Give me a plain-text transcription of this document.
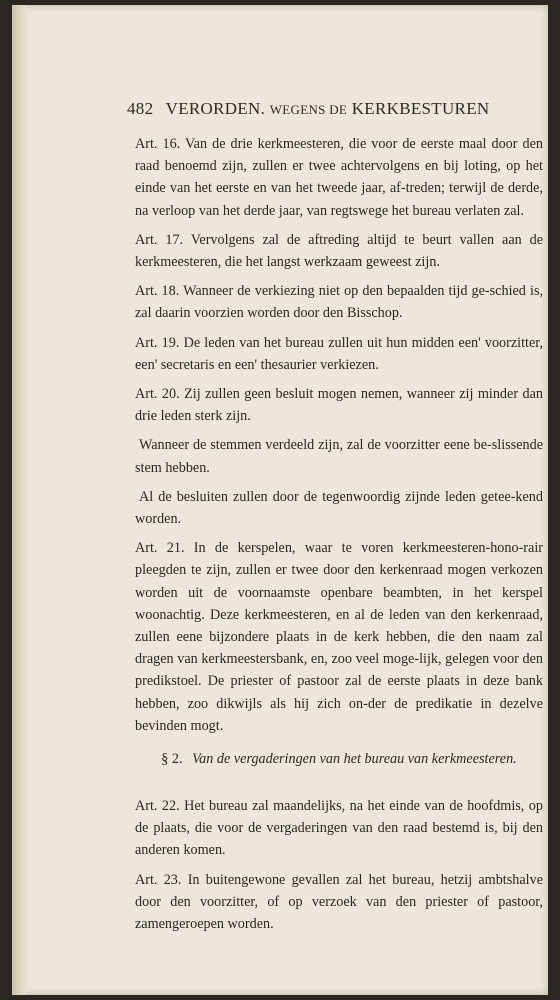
482 VERORDEN. WEGENS DE KERKBESTUREN

Art. 16. Van de drie kerkmeesteren, die voor de eerste maal door den raad benoemd zijn, zullen er twee achtervolgens en bij loting, op het einde van het eerste en van het tweede jaar, af-treden; terwijl de derde, na verloop van het derde jaar, van regtswege het bureau verlaten zal.

Art. 17. Vervolgens zal de aftreding altijd te beurt vallen aan de kerkmeesteren, die het langst werkzaam geweest zijn.

Art. 18. Wanneer de verkiezing niet op den bepaalden tijd ge-schied is, zal daarin voorzien worden door den Bisschop.

Art. 19. De leden van het bureau zullen uit hun midden een' voorzitter, een' secretaris en een' thesaurier verkiezen.

Art. 20. Zij zullen geen besluit mogen nemen, wanneer zij minder dan drie leden sterk zijn.

Wanneer de stemmen verdeeld zijn, zal de voorzitter eene be-slissende stem hebben.

Al de besluiten zullen door de tegenwoordig zijnde leden getee-kend worden.

Art. 21. In de kerspelen, waar te voren kerkmeesteren-hono-rair pleegden te zijn, zullen er twee door den kerkenraad mogen verkozen worden uit de voornaamste openbare beambten, in het kerspel woonachtig. Deze kerkmeesteren, en al de leden van den kerkenraad, zullen eene bijzondere plaats in de kerk hebben, die den naam zal dragen van kerkmeestersbank, en, zoo veel moge-lijk, gelegen voor den predikstoel. De priester of pastoor zal de eerste plaats in deze bank hebben, zoo dikwijls als hij zich on-der de predikatie in dezelve bevinden mogt.

§ 2. Van de vergaderingen van het bureau van kerkmeesteren.

Art. 22. Het bureau zal maandelijks, na het einde van de hoofdmis, op de plaats, die voor de vergaderingen van den raad bestemd is, bij den anderen komen.

Art. 23. In buitengewone gevallen zal het bureau, hetzij ambtshalve door den voorzitter, of op verzoek van den priester of pastoor, zamengeroepen worden.
